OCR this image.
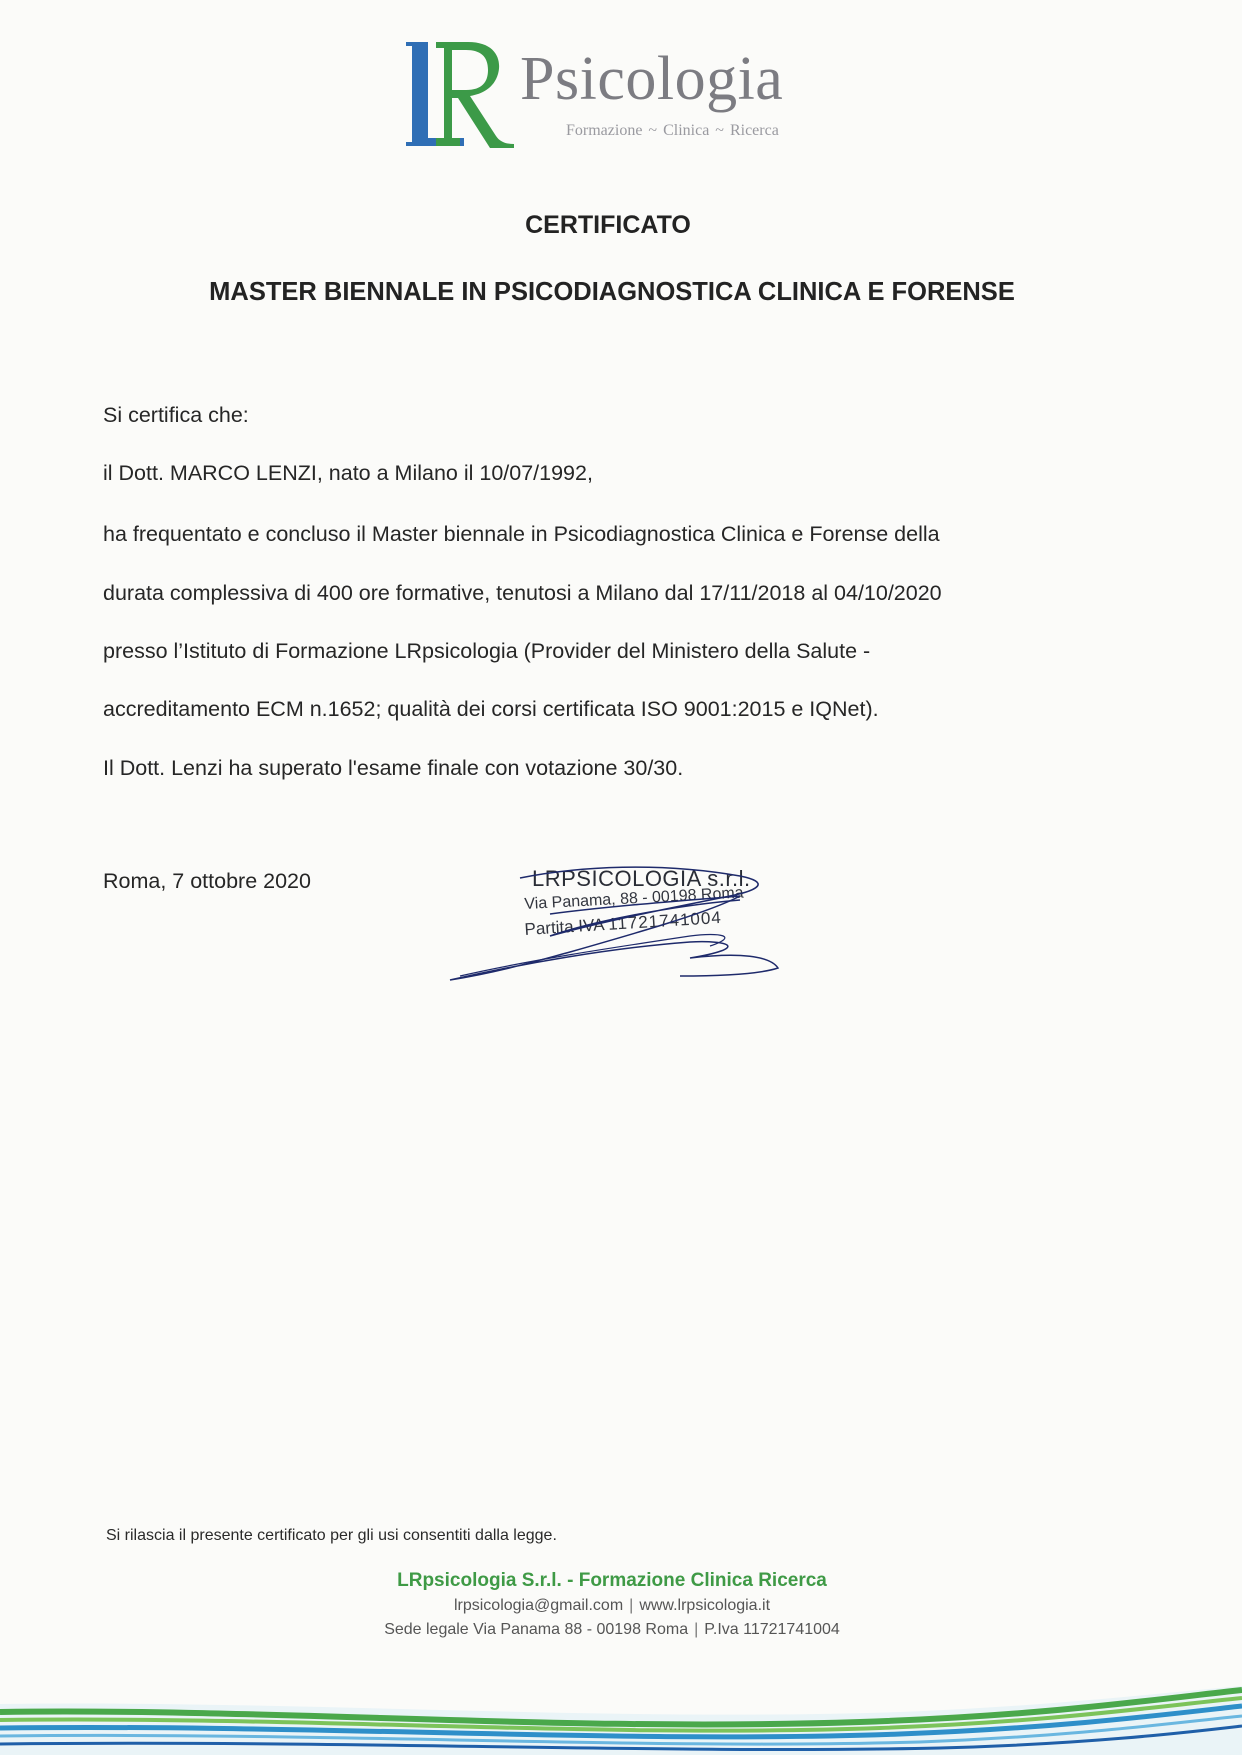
Psicologia
Formazione ~ Clinica ~ Ricerca
CERTIFICATO
MASTER BIENNALE IN PSICODIAGNOSTICA CLINICA E FORENSE
Si certifica che:
il Dott. MARCO LENZI, nato a Milano il 10/07/1992,
ha frequentato e concluso il Master biennale in Psicodiagnostica Clinica e Forense della
durata complessiva di 400 ore formative, tenutosi a Milano dal 17/11/2018 al 04/10/2020
presso l’Istituto di Formazione LRpsicologia (Provider del Ministero della Salute -
accreditamento ECM n.1652; qualità dei corsi certificata ISO 9001:2015 e IQNet).
Il Dott. Lenzi ha superato l'esame finale con votazione 30/30.
Roma, 7 ottobre 2020	LRPSICOLOGIA s.r.l.
Via Panama, 88 - 00198 Roma
Partita IVA 11721741004
Si rilascia il presente certificato per gli usi consentiti dalla legge.
LRpsicologia S.r.l. - Formazione Clinica Ricerca
lrpsicologia@gmail.com | www.lrpsicologia.it
Sede legale Via Panama 88 - 00198 Roma | P.Iva 11721741004
